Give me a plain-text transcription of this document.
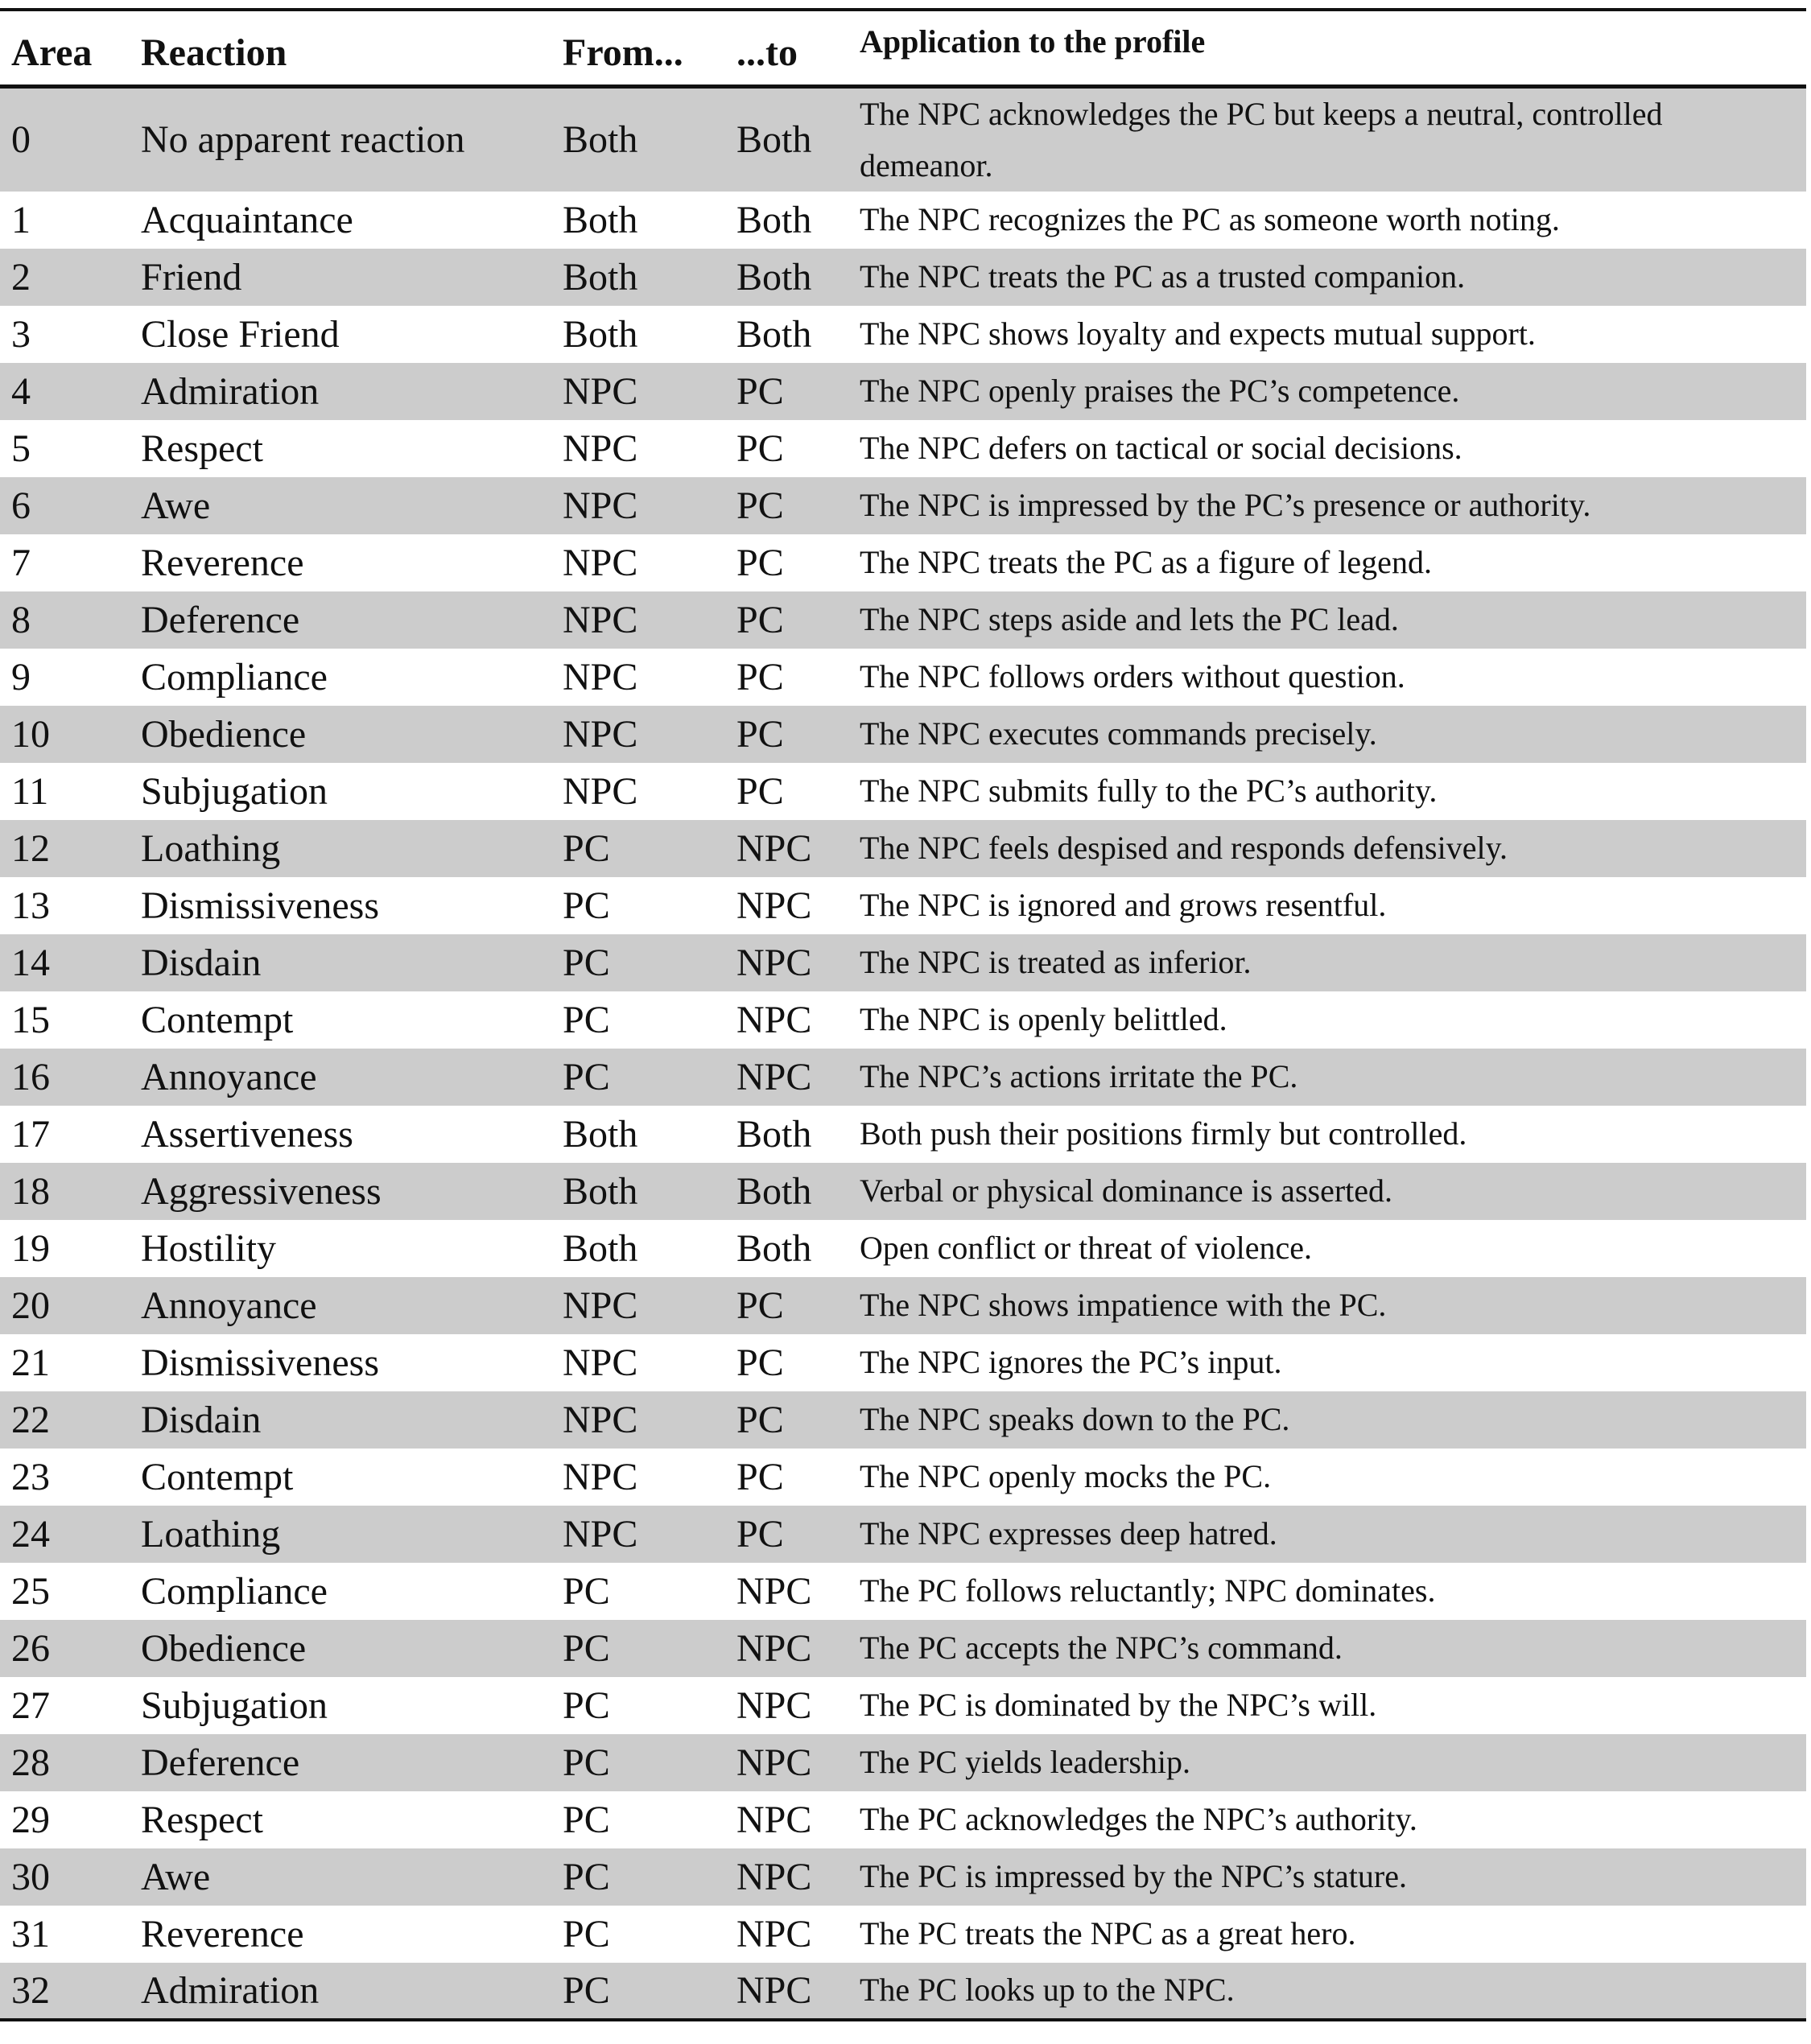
Area	Reaction	From...	...to	Application to the profile
0	No apparent reaction	Both	Both	The NPC acknowledges the PC but keeps a neutral, controlled demeanor.
1	Acquaintance	Both	Both	The NPC recognizes the PC as someone worth noting.
2	Friend	Both	Both	The NPC treats the PC as a trusted companion.
3	Close Friend	Both	Both	The NPC shows loyalty and expects mutual support.
4	Admiration	NPC	PC	The NPC openly praises the PC’s competence.
5	Respect	NPC	PC	The NPC defers on tactical or social decisions.
6	Awe	NPC	PC	The NPC is impressed by the PC’s presence or authority.
7	Reverence	NPC	PC	The NPC treats the PC as a figure of legend.
8	Deference	NPC	PC	The NPC steps aside and lets the PC lead.
9	Compliance	NPC	PC	The NPC follows orders without question.
10	Obedience	NPC	PC	The NPC executes commands precisely.
11	Subjugation	NPC	PC	The NPC submits fully to the PC’s authority.
12	Loathing	PC	NPC	The NPC feels despised and responds defensively.
13	Dismissiveness	PC	NPC	The NPC is ignored and grows resentful.
14	Disdain	PC	NPC	The NPC is treated as inferior.
15	Contempt	PC	NPC	The NPC is openly belittled.
16	Annoyance	PC	NPC	The NPC’s actions irritate the PC.
17	Assertiveness	Both	Both	Both push their positions firmly but controlled.
18	Aggressiveness	Both	Both	Verbal or physical dominance is asserted.
19	Hostility	Both	Both	Open conflict or threat of violence.
20	Annoyance	NPC	PC	The NPC shows impatience with the PC.
21	Dismissiveness	NPC	PC	The NPC ignores the PC’s input.
22	Disdain	NPC	PC	The NPC speaks down to the PC.
23	Contempt	NPC	PC	The NPC openly mocks the PC.
24	Loathing	NPC	PC	The NPC expresses deep hatred.
25	Compliance	PC	NPC	The PC follows reluctantly; NPC dominates.
26	Obedience	PC	NPC	The PC accepts the NPC’s command.
27	Subjugation	PC	NPC	The PC is dominated by the NPC’s will.
28	Deference	PC	NPC	The PC yields leadership.
29	Respect	PC	NPC	The PC acknowledges the NPC’s authority.
30	Awe	PC	NPC	The PC is impressed by the NPC’s stature.
31	Reverence	PC	NPC	The PC treats the NPC as a great hero.
32	Admiration	PC	NPC	The PC looks up to the NPC.
